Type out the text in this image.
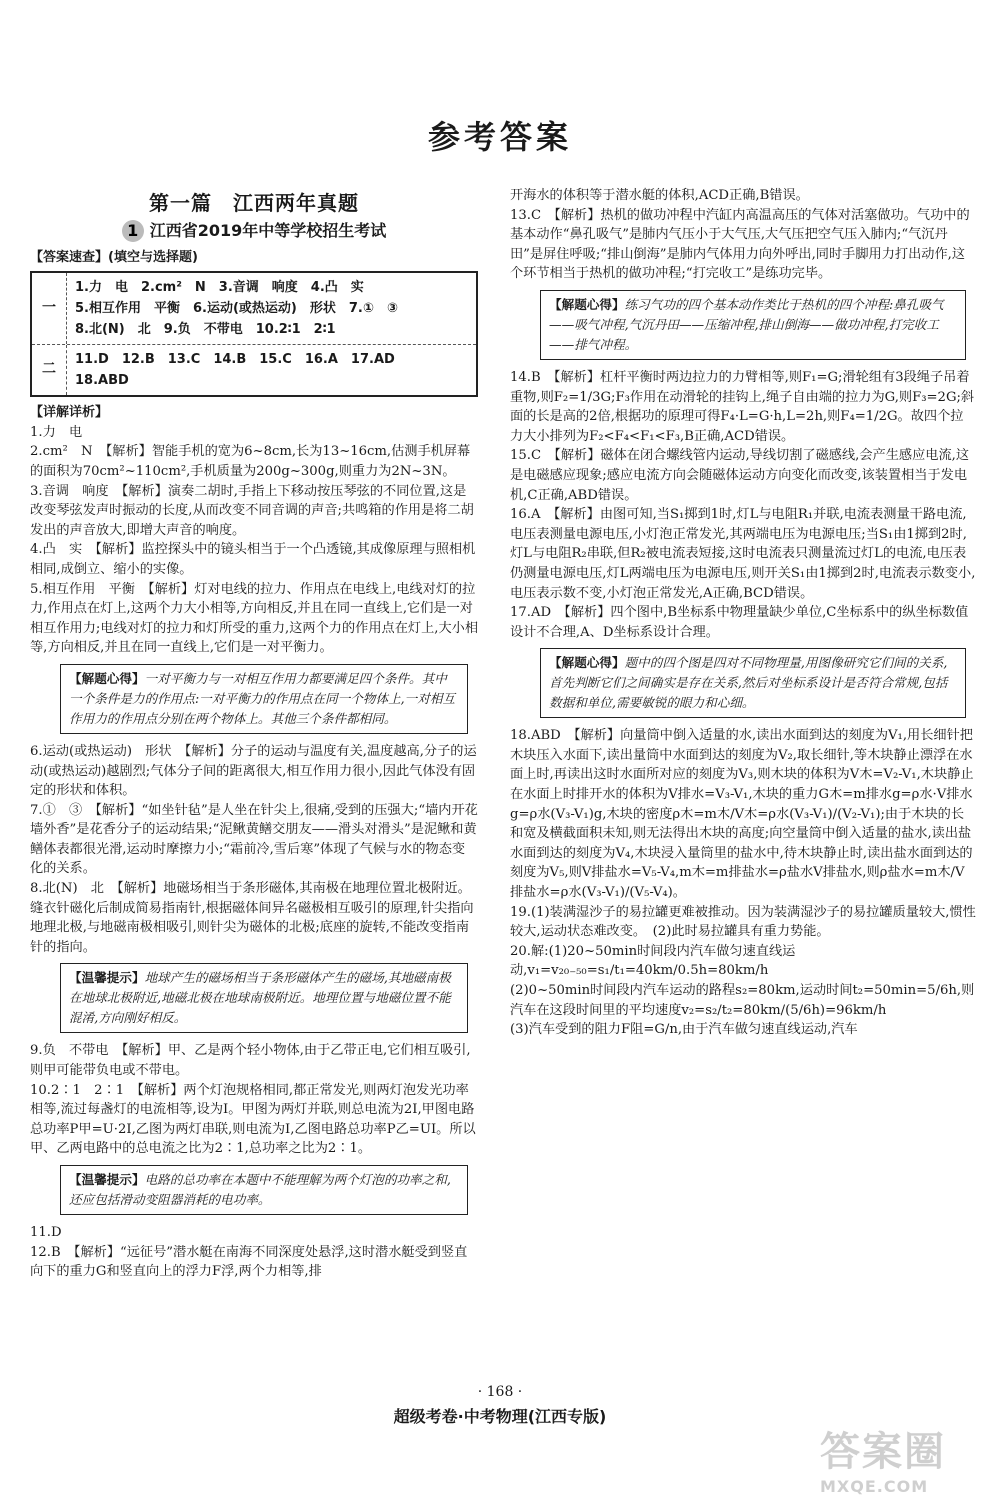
参考答案
第一篇　江西两年真题
1 江西省2019年中等学校招生考试
【答案速查】(填空与选择题)
一
1.力　电　2.cm²　N　3.音调　响度　4.凸　实
5.相互作用　平衡　6.运动(或热运动)　形状　7.①　③
8.北(N)　北　9.负　不带电　10.2∶1　2∶1
二
11.D　12.B　13.C　14.B　15.C　16.A　17.AD
18.ABD
【详解详析】

1.力　电

2.cm²　N　【解析】智能手机的宽为6~8cm,长为13~16cm,估测手机屏幕的面积为70cm²~110cm²,手机质量为200g~300g,则重力为2N~3N。

3.音调　响度　【解析】演奏二胡时,手指上下移动按压琴弦的不同位置,这是改变琴弦发声时振动的长度,从而改变不同音调的声音;共鸣箱的作用是将二胡发出的声音放大,即增大声音的响度。

4.凸　实　【解析】监控探头中的镜头相当于一个凸透镜,其成像原理与照相机相同,成倒立、缩小的实像。

5.相互作用　平衡　【解析】灯对电线的拉力、作用点在电线上,电线对灯的拉力,作用点在灯上,这两个力大小相等,方向相反,并且在同一直线上,它们是一对相互作用力;电线对灯的拉力和灯所受的重力,这两个力的作用点在灯上,大小相等,方向相反,并且在同一直线上,它们是一对平衡力。

【解题心得】一对平衡力与一对相互作用力都要满足四个条件。其中一个条件是力的作用点:一对平衡力的作用点在同一个物体上,一对相互作用力的作用点分别在两个物体上。其他三个条件都相同。

6.运动(或热运动)　形状　【解析】分子的运动与温度有关,温度越高,分子的运动(或热运动)越剧烈;气体分子间的距离很大,相互作用力很小,因此气体没有固定的形状和体积。

7.①　③　【解析】“如坐针毡”是人坐在针尖上,很痛,受到的压强大;“墙内开花墙外香”是花香分子的运动结果;“泥鳅黄鳝交朋友——滑头对滑头”是泥鳅和黄鳝体表都很光滑,运动时摩擦力小;“霜前冷,雪后寒”体现了气候与水的物态变化的关系。

8.北(N)　北　【解析】地磁场相当于条形磁体,其南极在地理位置北极附近。缝衣针磁化后制成简易指南针,根据磁体间异名磁极相互吸引的原理,针尖指向地理北极,与地磁南极相吸引,则针尖为磁体的北极;底座的旋转,不能改变指南针的指向。

【温馨提示】地球产生的磁场相当于条形磁体产生的磁场,其地磁南极在地球北极附近,地磁北极在地球南极附近。地理位置与地磁位置不能混淆,方向刚好相反。

9.负　不带电　【解析】甲、乙是两个轻小物体,由于乙带正电,它们相互吸引,则甲可能带负电或不带电。

10.2∶1　2∶1　【解析】两个灯泡规格相同,都正常发光,则两灯泡发光功率相等,流过每盏灯的电流相等,设为I。甲图为两灯并联,则总电流为2I,甲图电路总功率P甲=U·2I,乙图为两灯串联,则电流为I,乙图电路总功率P乙=UI。所以甲、乙两电路中的总电流之比为2∶1,总功率之比为2∶1。

【温馨提示】电路的总功率在本题中不能理解为两个灯泡的功率之和,还应包括滑动变阻器消耗的电功率。

11.D

12.B　【解析】“远征号”潜水艇在南海不同深度处悬浮,这时潜水艇受到竖直向下的重力G和竖直向上的浮力F浮,两个力相等,排

开海水的体积等于潜水艇的体积,ACD正确,B错误。

13.C　【解析】热机的做功冲程中汽缸内高温高压的气体对活塞做功。气功中的基本动作“鼻孔吸气”是肺内气压小于大气压,大气压把空气压入肺内;“气沉丹田”是屏住呼吸;“排山倒海”是肺内气体用力向外呼出,同时手脚用力打出动作,这个环节相当于热机的做功冲程;“打完收工”是练功完毕。

【解题心得】练习气功的四个基本动作类比于热机的四个冲程:鼻孔吸气——吸气冲程,气沉丹田——压缩冲程,排山倒海——做功冲程,打完收工——排气冲程。

14.B　【解析】杠杆平衡时两边拉力的力臂相等,则F₁=G;滑轮组有3段绳子吊着重物,则F₂=1/3G;F₃作用在动滑轮的挂钩上,绳子自由端的拉力为G,则F₃=2G;斜面的长是高的2倍,根据功的原理可得F₄·L=G·h,L=2h,则F₄=1/2G。故四个拉力大小排列为F₂<F₄<F₁<F₃,B正确,ACD错误。

15.C　【解析】磁体在闭合螺线管内运动,导线切割了磁感线,会产生感应电流,这是电磁感应现象;感应电流方向会随磁体运动方向变化而改变,该装置相当于发电机,C正确,ABD错误。

16.A　【解析】由图可知,当S₁掷到1时,灯L与电阻R₁并联,电流表测量干路电流,电压表测量电源电压,小灯泡正常发光,其两端电压为电源电压;当S₁由1掷到2时,灯L与电阻R₂串联,但R₂被电流表短接,这时电流表只测量流过灯L的电流,电压表仍测量电源电压,灯L两端电压为电源电压,则开关S₁由1掷到2时,电流表示数变小,电压表示数不变,小灯泡正常发光,A正确,BCD错误。

17.AD　【解析】四个图中,B坐标系中物理量缺少单位,C坐标系中的纵坐标数值设计不合理,A、D坐标系设计合理。

【解题心得】题中的四个图是四对不同物理量,用图像研究它们间的关系,首先判断它们之间确实是存在关系,然后对坐标系设计是否符合常规,包括数据和单位,需要敏锐的眼力和心细。

18.ABD　【解析】向量筒中倒入适量的水,读出水面到达的刻度为V₁,用长细针把木块压入水面下,读出量筒中水面到达的刻度为V₂,取长细针,等木块静止漂浮在水面上时,再读出这时水面所对应的刻度为V₃,则木块的体积为V木=V₂-V₁,木块静止在水面上时排开水的体积为V排水=V₃-V₁,木块的重力G木=m排水g=ρ水·V排水g=ρ水(V₃-V₁)g,木块的密度ρ木=m木/V木=ρ水(V₃-V₁)/(V₂-V₁);由于木块的长和宽及横截面积未知,则无法得出木块的高度;向空量筒中倒入适量的盐水,读出盐水面到达的刻度为V₄,木块浸入量筒里的盐水中,待木块静止时,读出盐水面到达的刻度为V₅,则V排盐水=V₅-V₄,m木=m排盐水=ρ盐水V排盐水,则ρ盐水=m木/V排盐水=ρ水(V₃-V₁)/(V₅-V₄)。

19.(1)装满湿沙子的易拉罐更难被推动。因为装满湿沙子的易拉罐质量较大,惯性较大,运动状态难改变。　(2)此时易拉罐具有重力势能。

20.解:(1)20~50min时间段内汽车做匀速直线运动,v₁=v₂₀₋₅₀=s₁/t₁=40km/0.5h=80km/h

(2)0~50min时间段内汽车运动的路程s₂=80km,运动时间t₂=50min=5/6h,则汽车在这段时间里的平均速度v₂=s₂/t₂=80km/(5/6h)=96km/h

(3)汽车受到的阻力F阻=G/n,由于汽车做匀速直线运动,汽车

· 168 ·
超级考卷·中考物理(江西专版)
答案圈
MXQE.COM
